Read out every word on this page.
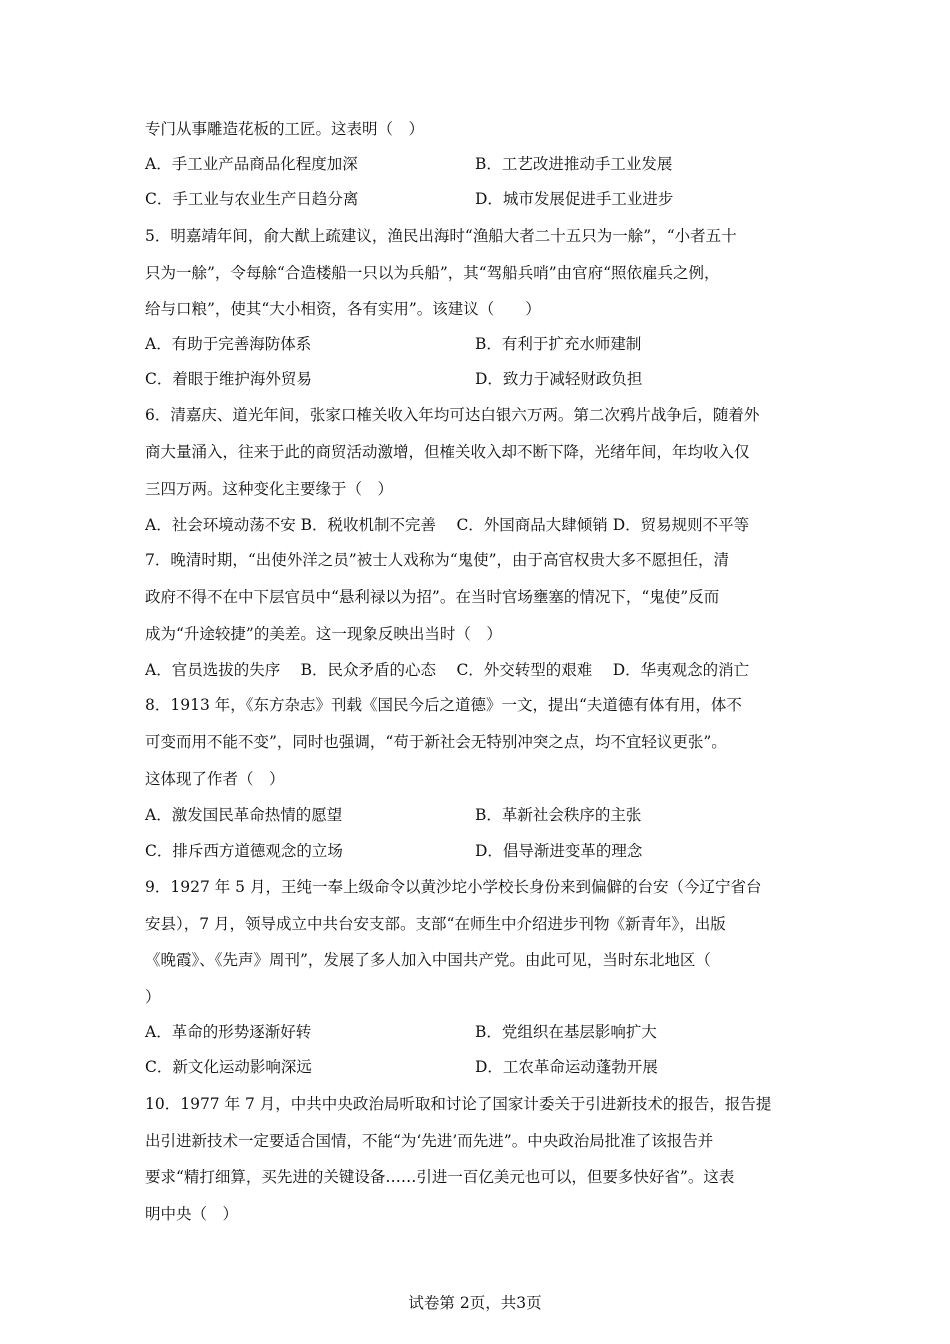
专门从事雕造花板的工匠。这表明（　）
A．手工业产品商品化程度加深	B．工艺改进推动手工业发展
C．手工业与农业生产日趋分离	D．城市发展促进手工业进步
5．明嘉靖年间，俞大猷上疏建议，渔民出海时“渔船大者二十五只为一艅”，“小者五十
只为一艅”，令每艅“合造楼船一只以为兵船”，其“驾船兵哨”由官府“照依雇兵之例，
给与口粮”，使其“大小相资，各有实用”。该建议（　　）
A．有助于完善海防体系	B．有利于扩充水师建制
C．着眼于维护海外贸易	D．致力于减轻财政负担
6．清嘉庆、道光年间，张家口榷关收入年均可达白银六万两。第二次鸦片战争后，随着外
商大量涌入，往来于此的商贸活动激增，但榷关收入却不断下降，光绪年间，年均收入仅
三四万两。这种变化主要缘于（　）
A．社会环境动荡不安 B．税收机制不完善　 C．外国商品大肆倾销 D．贸易规则不平等
7．晚清时期，“出使外洋之员”被士人戏称为“鬼使”，由于高官权贵大多不愿担任，清
政府不得不在中下层官员中“悬利禄以为招”。在当时官场壅塞的情况下，“鬼使”反而
成为“升途较捷”的美差。这一现象反映出当时（　）
A．官员选拔的失序　 B．民众矛盾的心态　 C．外交转型的艰难　 D．华夷观念的消亡
8．1913 年，《东方杂志》刊载《国民今后之道德》一文，提出“夫道德有体有用，体不
可变而用不能不变”，同时也强调，“苟于新社会无特别冲突之点，均不宜轻议更张”。
这体现了作者（　）
A．激发国民革命热情的愿望	B．革新社会秩序的主张
C．排斥西方道德观念的立场	D．倡导渐进变革的理念
9．1927 年 5 月，王纯一奉上级命令以黄沙坨小学校长身份来到偏僻的台安（今辽宁省台
安县），7 月，领导成立中共台安支部。支部“在师生中介绍进步刊物《新青年》，出版
《晚霞》、《先声》周刊”，发展了多人加入中国共产党。由此可见，当时东北地区（
）
A．革命的形势逐渐好转	B．党组织在基层影响扩大
C．新文化运动影响深远	D．工农革命运动蓬勃开展
10．1977 年 7 月，中共中央政治局听取和讨论了国家计委关于引进新技术的报告，报告提
出引进新技术一定要适合国情，不能“为‘先进’而先进”。中央政治局批准了该报告并
要求“精打细算，买先进的关键设备……引进一百亿美元也可以，但要多快好省”。这表
明中央（　）
试卷第 2页，共3页
